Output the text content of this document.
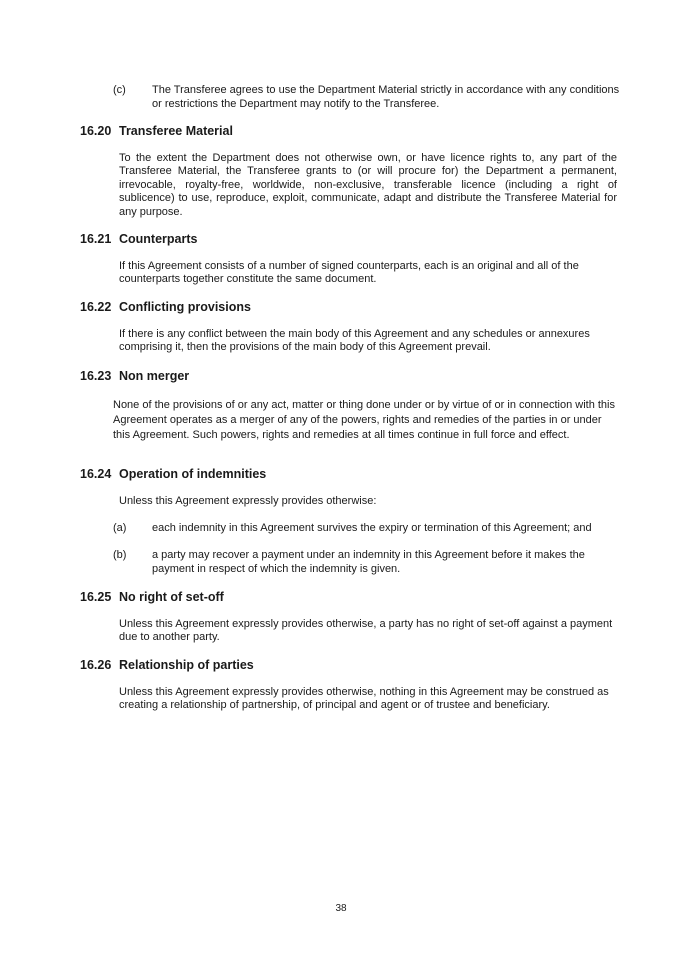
(c) The Transferee agrees to use the Department Material strictly in accordance with any conditions or restrictions the Department may notify to the Transferee.
16.20 Transferee Material

To the extent the Department does not otherwise own, or have licence rights to, any part of the Transferee Material, the Transferee grants to (or will procure for) the Department a permanent, irrevocable, royalty-free, worldwide, non-exclusive, transferable licence (including a right of sublicence) to use, reproduce, exploit, communicate, adapt and distribute the Transferee Material for any purpose.

16.21 Counterparts

If this Agreement consists of a number of signed counterparts, each is an original and all of the counterparts together constitute the same document.

16.22 Conflicting provisions

If there is any conflict between the main body of this Agreement and any schedules or annexures comprising it, then the provisions of the main body of this Agreement prevail.

16.23 Non merger

None of the provisions of or any act, matter or thing done under or by virtue of or in connection with this Agreement operates as a merger of any of the powers, rights and remedies of the parties in or under this Agreement. Such powers, rights and remedies at all times continue in full force and effect.

16.24 Operation of indemnities

Unless this Agreement expressly provides otherwise:

(a) each indemnity in this Agreement survives the expiry or termination of this Agreement; and
(b) a party may recover a payment under an indemnity in this Agreement before it makes the payment in respect of which the indemnity is given.
16.25 No right of set-off

Unless this Agreement expressly provides otherwise, a party has no right of set-off against a payment due to another party.

16.26 Relationship of parties

Unless this Agreement expressly provides otherwise, nothing in this Agreement may be construed as creating a relationship of partnership, of principal and agent or of trustee and beneficiary.

38
